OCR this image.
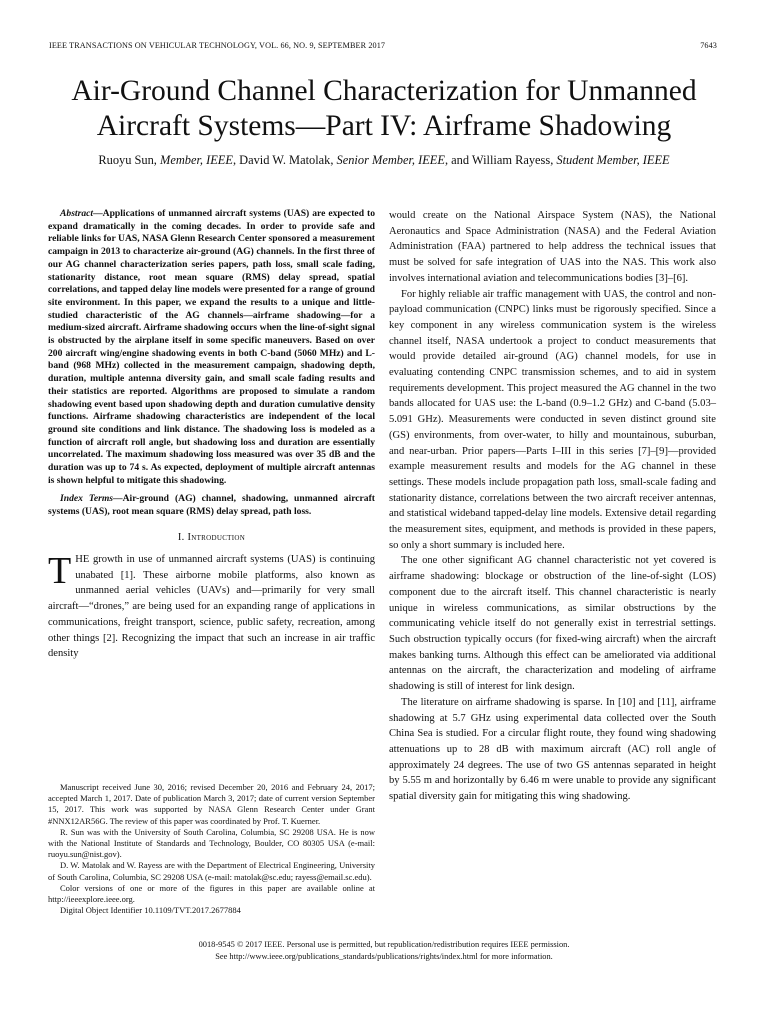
IEEE TRANSACTIONS ON VEHICULAR TECHNOLOGY, VOL. 66, NO. 9, SEPTEMBER 2017	7643
Air-Ground Channel Characterization for Unmanned
Aircraft Systems—Part IV: Airframe Shadowing
Ruoyu Sun, Member, IEEE, David W. Matolak, Senior Member, IEEE, and William Rayess, Student Member, IEEE

Abstract—Applications of unmanned aircraft systems (UAS) are expected to expand dramatically in the coming decades. In order to provide safe and reliable links for UAS, NASA Glenn Research Center sponsored a measurement campaign in 2013 to characterize air-ground (AG) channels. In the first three of our AG channel characterization series papers, path loss, small scale fading, stationarity distance, root mean square (RMS) delay spread, spatial correlations, and tapped delay line models were presented for a range of ground site environment. In this paper, we expand the results to a unique and little-studied characteristic of the AG channels—airframe shadowing—for a medium-sized aircraft. Airframe shadowing occurs when the line-of-sight signal is obstructed by the airplane itself in some specific maneuvers. Based on over 200 aircraft wing/engine shadowing events in both C-band (5060 MHz) and L-band (968 MHz) collected in the measurement campaign, shadowing depth, duration, multiple antenna diversity gain, and small scale fading results and their statistics are reported. Algorithms are proposed to simulate a random shadowing event based upon shadowing depth and duration cumulative density functions. Airframe shadowing characteristics are independent of the local ground site conditions and link distance. The shadowing loss is modeled as a function of aircraft roll angle, but shadowing loss and duration are essentially uncorrelated. The maximum shadowing loss measured was over 35 dB and the duration was up to 74 s. As expected, deployment of multiple aircraft antennas is shown helpful to mitigate this shadowing.

Index Terms—Air-ground (AG) channel, shadowing, unmanned aircraft systems (UAS), root mean square (RMS) delay spread, path loss.

I. Introduction

THE growth in use of unmanned aircraft systems (UAS) is continuing unabated [1]. These airborne mobile platforms, also known as unmanned aerial vehicles (UAVs) and—primarily for very small aircraft—“drones,” are being used for an expanding range of applications in communications, freight transport, science, public safety, recreation, among other things [2]. Recognizing the impact that such an increase in air traffic density

Manuscript received June 30, 2016; revised December 20, 2016 and February 24, 2017; accepted March 1, 2017. Date of publication March 3, 2017; date of current version September 15, 2017. This work was supported by NASA Glenn Research Center under Grant #NNX12AR56G. The review of this paper was coordinated by Prof. T. Kuerner.

R. Sun was with the University of South Carolina, Columbia, SC 29208 USA. He is now with the National Institute of Standards and Technology, Boulder, CO 80305 USA (e-mail: ruoyu.sun@nist.gov).

D. W. Matolak and W. Rayess are with the Department of Electrical Engineering, University of South Carolina, Columbia, SC 29208 USA (e-mail: matolak@sc.edu; rayess@email.sc.edu).

Color versions of one or more of the figures in this paper are available online at http://ieeexplore.ieee.org.

Digital Object Identifier 10.1109/TVT.2017.2677884

would create on the National Airspace System (NAS), the National Aeronautics and Space Administration (NASA) and the Federal Aviation Administration (FAA) partnered to help address the technical issues that must be solved for safe integration of UAS into the NAS. This work also involves international aviation and telecommunications bodies [3]–[6].

For highly reliable air traffic management with UAS, the control and non-payload communication (CNPC) links must be rigorously specified. Since a key component in any wireless communication system is the wireless channel itself, NASA undertook a project to conduct measurements that would provide detailed air-ground (AG) channel models, for use in evaluating contending CNPC transmission schemes, and to aid in system requirements development. This project measured the AG channel in the two bands allocated for UAS use: the L-band (0.9–1.2 GHz) and C-band (5.03–5.091 GHz). Measurements were conducted in seven distinct ground site (GS) environments, from over-water, to hilly and mountainous, suburban, and near-urban. Prior papers—Parts I–III in this series [7]–[9]—provided example measurement results and models for the AG channel in these settings. These models include propagation path loss, small-scale fading and stationarity distance, correlations between the two aircraft receiver antennas, and statistical wideband tapped-delay line models. Extensive detail regarding the measurement sites, equipment, and methods is provided in these papers, so only a short summary is included here.

The one other significant AG channel characteristic not yet covered is airframe shadowing: blockage or obstruction of the line-of-sight (LOS) component due to the aircraft itself. This channel characteristic is nearly unique in wireless communications, as similar obstructions by the communicating vehicle itself do not generally exist in terrestrial settings. Such obstruction typically occurs (for fixed-wing aircraft) when the aircraft makes banking turns. Although this effect can be ameliorated via additional antennas on the aircraft, the characterization and modeling of airframe shadowing is still of interest for link design.

The literature on airframe shadowing is sparse. In [10] and [11], airframe shadowing at 5.7 GHz using experimental data collected over the South China Sea is studied. For a circular flight route, they found wing shadowing attenuations up to 28 dB with maximum aircraft (AC) roll angle of approximately 24 degrees. The use of two GS antennas separated in height by 5.55 m and horizontally by 6.46 m were unable to provide any significant spatial diversity gain for mitigating this wing shadowing.

0018-9545 © 2017 IEEE. Personal use is permitted, but republication/redistribution requires IEEE permission.
See http://www.ieee.org/publications_standards/publications/rights/index.html for more information.
